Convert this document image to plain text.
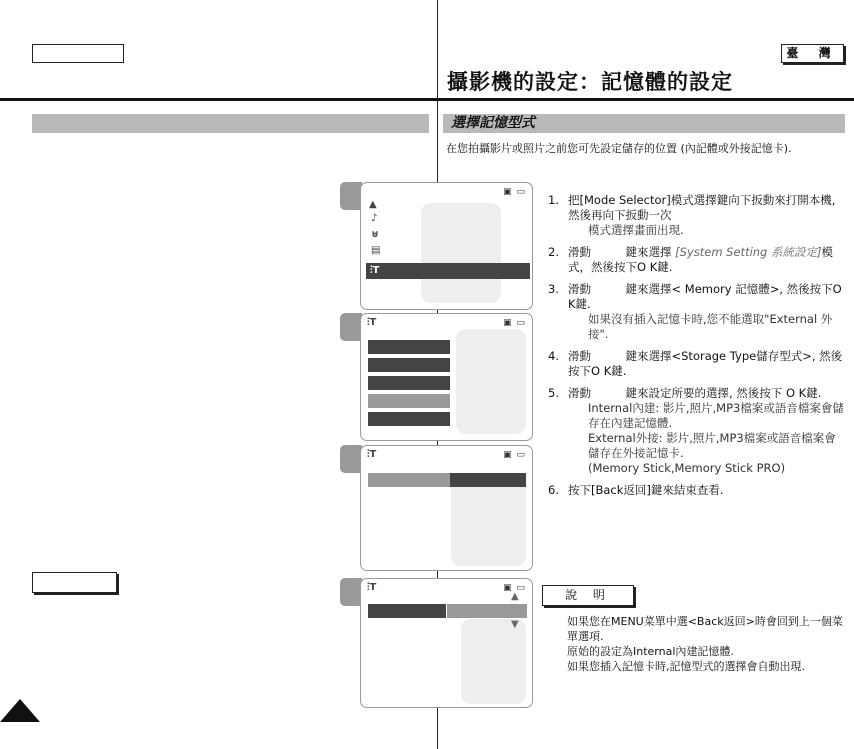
臺 灣
攝影機的設定：記憶體的設定
選擇記憶型式
在您拍攝影片或照片之前您可先設定儲存的位置 (內記體或外接記憶卡).
▣ ▭
▲
♪
⊍
▤
⫶T
⫶T	▣ ▭
⫶T	▣ ▭
⫶T	▣ ▭
▲
▼
1. 把[Mode Selector]模式選擇鍵向下扳動來打開本機,然後再向下扳動一次
模式選擇畫面出現.
2. 滑動　　　鍵來選擇 [System Setting 系統設定]模式，然後按下O K鍵.
3. 滑動　　　鍵來選擇< Memory 記憶體>, 然後按下O K鍵.
如果沒有插入記憶卡時,您不能選取"External 外接".
4. 滑動　　　鍵來選擇<Storage Type儲存型式>, 然後按下O K鍵.
5. 滑動　　　鍵來設定所要的選擇, 然後按下 O K鍵.
Internal內建: 影片,照片,MP3檔案或語音檔案會儲存在內建記憶體.
External外接: 影片,照片,MP3檔案或語音檔案會儲存在外接記憶卡.
(Memory Stick,Memory Stick PRO)
6. 按下[Back返回]鍵來結束查看.
說 明
如果您在MENU菜單中選<Back返回>時會回到上一個菜單選項.
原始的設定為Internal內建記憶體.
如果您插入記憶卡時,記憶型式的選擇會自動出現.
